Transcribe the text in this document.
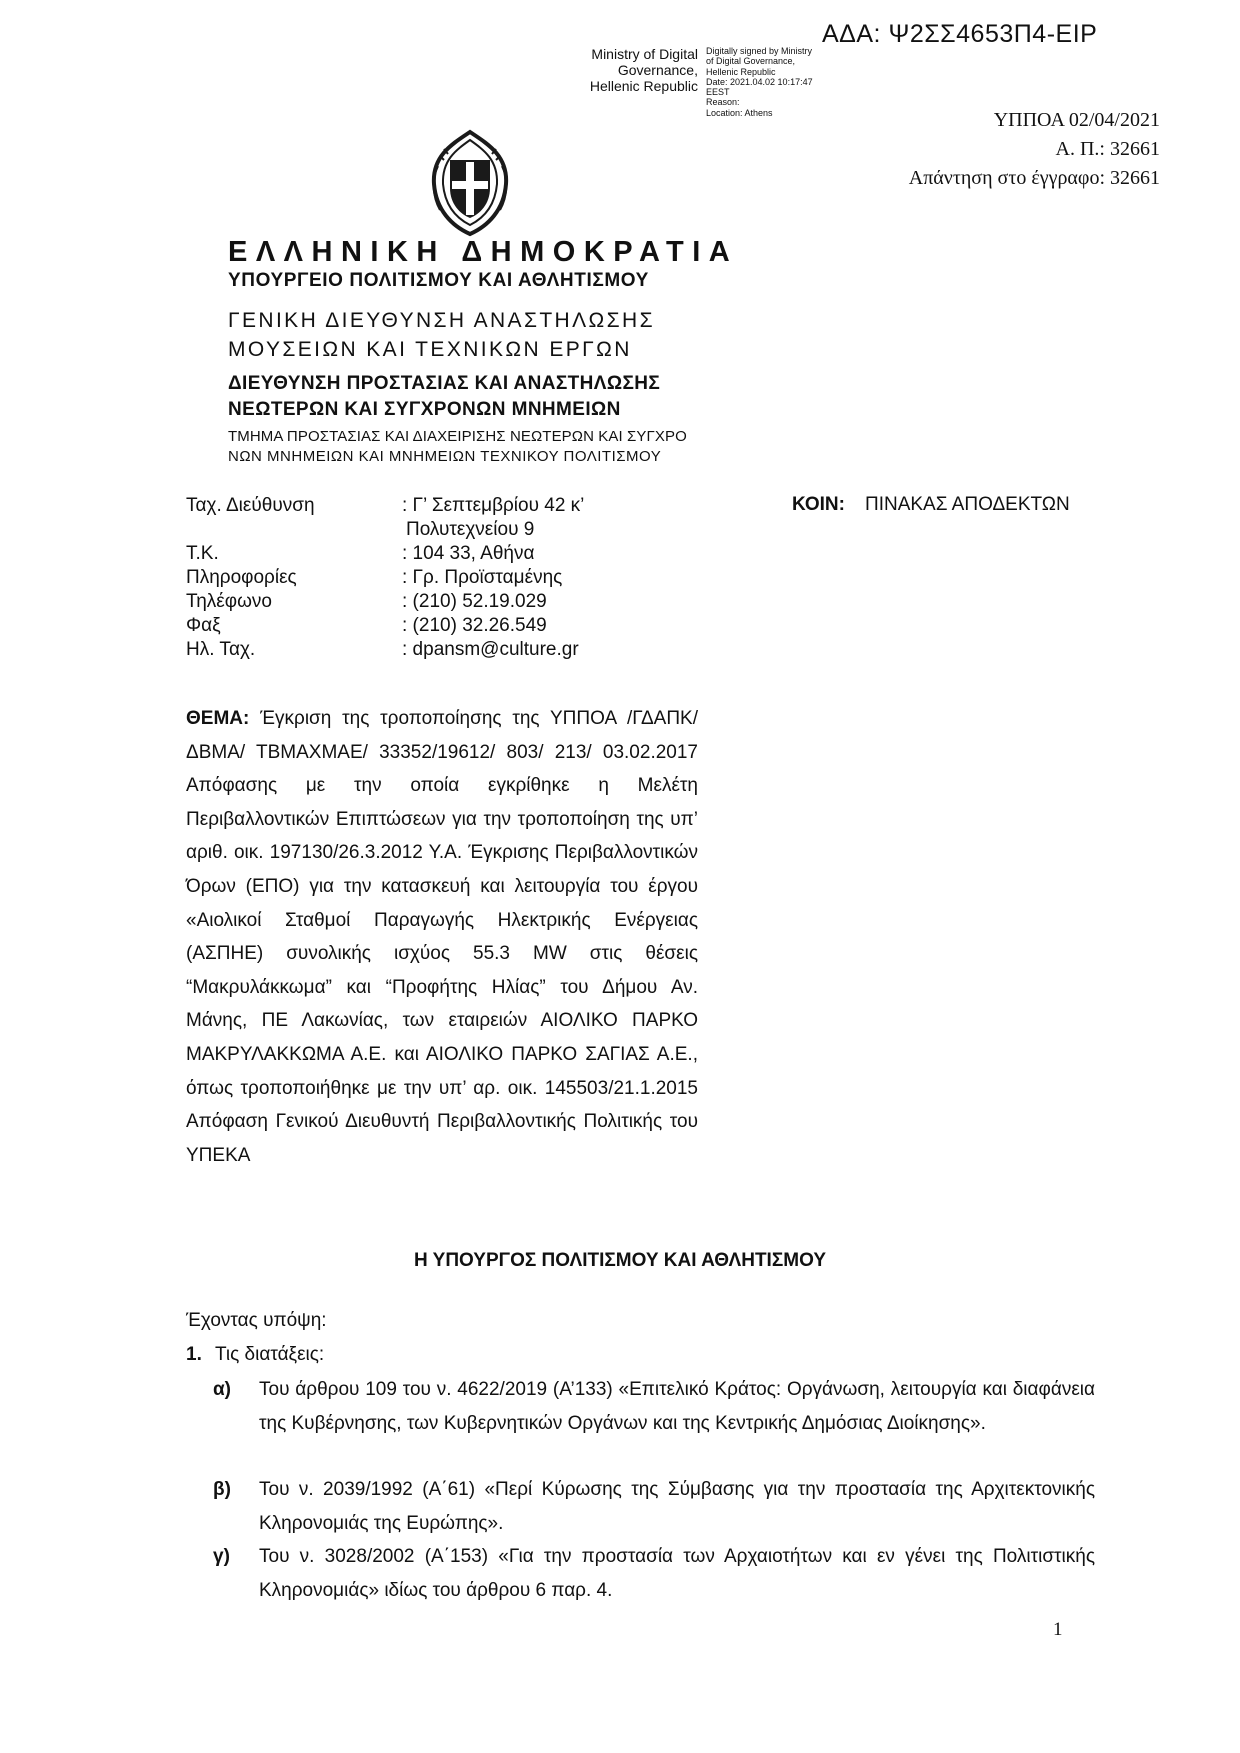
ΑΔΑ: Ψ2ΣΣ4653Π4-ΕΙΡ
Ministry of Digital
Governance,
Hellenic Republic
Digitally signed by Ministry
of Digital Governance,
Hellenic Republic
Date: 2021.04.02 10:17:47
EEST
Reason:
Location: Athens	ΥΠΠΟΑ 02/04/2021
Α. Π.: 32661
Απάντηση στο έγγραφο: 32661
ΕΛΛΗΝΙΚΗ ΔΗΜΟΚΡΑΤΙΑ
ΥΠΟΥΡΓΕΙΟ ΠΟΛΙΤΙΣΜΟΥ ΚΑΙ ΑΘΛΗΤΙΣΜΟΥ
ΓΕΝΙΚΗ ΔΙΕΥΘΥΝΣΗ ΑΝΑΣΤΗΛΩΣΗΣ
ΜΟΥΣΕΙΩΝ ΚΑΙ ΤΕΧΝΙΚΩΝ ΕΡΓΩΝ
ΔΙΕΥΘΥΝΣΗ ΠΡΟΣΤΑΣΙΑΣ ΚΑΙ ΑΝΑΣΤΗΛΩΣΗΣ
ΝΕΩΤΕΡΩΝ ΚΑΙ ΣΥΓΧΡΟΝΩΝ ΜΝΗΜΕΙΩΝ
ΤΜΗΜΑ ΠΡΟΣΤΑΣΙΑΣ ΚΑΙ ΔΙΑΧΕΙΡΙΣΗΣ ΝΕΩΤΕΡΩΝ ΚΑΙ ΣΥΓΧΡΟ
ΝΩΝ ΜΝΗΜΕΙΩΝ ΚΑΙ ΜΝΗΜΕΙΩΝ ΤΕΧΝΙΚΟΥ ΠΟΛΙΤΙΣΜΟΥ
Ταχ. Διεύθυνση	: Γ’ Σεπτεμβρίου 42 κ’
Πολυτεχνείου 9
Τ.Κ.	: 104 33, Αθήνα
Πληροφορίες	: Γρ. Προϊσταμένης
Τηλέφωνο	: (210) 52.19.029
Φαξ	: (210) 32.26.549
Ηλ. Ταχ.	: dpansm@culture.gr
ΚΟΙΝ: ΠΙΝΑΚΑΣ ΑΠΟΔΕΚΤΩΝ
ΘΕΜΑ: Έγκριση της τροποποίησης της ΥΠΠΟΑ /ΓΔΑΠΚ/ ΔΒΜΑ/ ΤΒΜΑΧΜΑΕ/ 33352/19612/ 803/ 213/ 03.02.2017 Απόφασης με την οποία εγκρίθηκε η Μελέτη Περιβαλλοντικών Επιπτώσεων για την τροποποίηση της υπ’ αριθ. οικ. 197130/26.3.2012 Υ.Α. Έγκρισης Περιβαλλοντικών Όρων (ΕΠΟ) για την κατασκευή και λειτουργία του έργου «Αιολικοί Σταθμοί Παραγωγής Ηλεκτρικής Ενέργειας (ΑΣΠΗΕ) συνολικής ισχύος 55.3 MW στις θέσεις “Μακρυλάκκωμα” και “Προφήτης Ηλίας” του Δήμου Αν. Μάνης, ΠΕ Λακωνίας, των εταιρειών ΑΙΟΛΙΚΟ ΠΑΡΚΟ ΜΑΚΡΥΛΑΚΚΩΜΑ Α.Ε. και ΑΙΟΛΙΚΟ ΠΑΡΚΟ ΣΑΓΙΑΣ Α.Ε., όπως τροποποιήθηκε με την υπ’ αρ. οικ. 145503/21.1.2015 Απόφαση Γενικού Διευθυντή Περιβαλλοντικής Πολιτικής του ΥΠΕΚΑ
Η ΥΠΟΥΡΓΟΣ ΠΟΛΙΤΙΣΜΟΥ ΚΑΙ ΑΘΛΗΤΙΣΜΟΥ
Έχοντας υπόψη:
1. Τις διατάξεις:
α) Του άρθρου 109 του ν. 4622/2019 (Α’133) «Επιτελικό Κράτος: Οργάνωση, λειτουργία και διαφάνεια της Κυβέρνησης, των Κυβερνητικών Οργάνων και της Κεντρικής Δημόσιας Διοίκησης».
β) Του ν. 2039/1992 (Α΄61) «Περί Κύρωσης της Σύμβασης για την προστασία της Αρχιτεκτονικής Κληρονομιάς της Ευρώπης».
γ) Του ν. 3028/2002 (Α΄153) «Για την προστασία των Αρχαιοτήτων και εν γένει της Πολιτιστικής Κληρονομιάς» ιδίως του άρθρου 6 παρ. 4.
1
